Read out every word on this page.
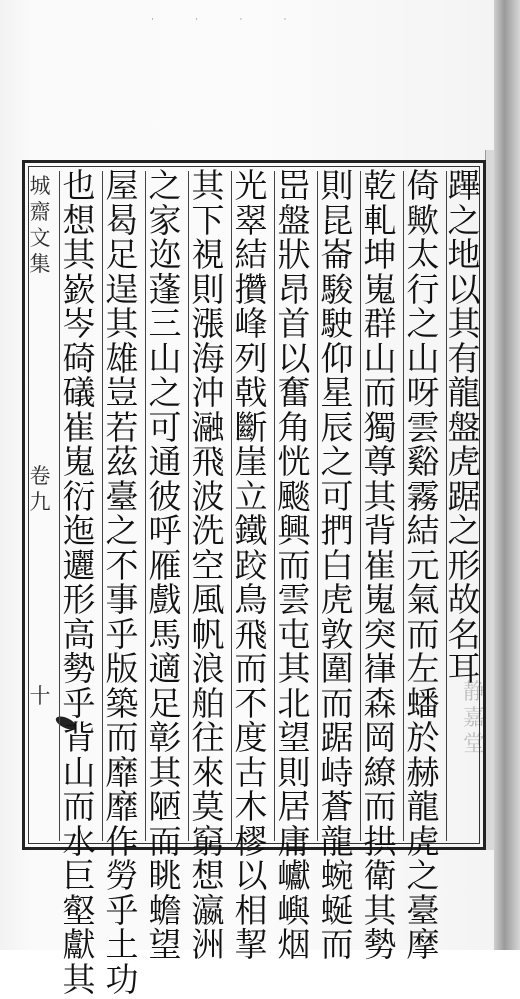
˙ ˙ ˙ ˙
静嘉堂
城齋文集
卷九
十
也想其嶔岑碕礒崔嵬衍迤邐形高勢乎背山而水巨壑獻其
屋曷足逞其雄豈若茲臺之不事乎版築而靡靡作勞乎土功
之家迩蓬三山之可通彼呼雁戲馬適足彰其陋而眺蟾望
其下視則漲海沖瀜飛波洗空風帆浪舶往來莫窮想瀛洲
光翠結攢峰列戟斷崖立鐵跤鳥飛而不度古木樛以相挈
岊盤狀昂首以奮角恍颷興而雲屯其北望則居庸巘嶼烟
則昆崙駿駛仰星辰之可捫白虎敦圍而踞峙蒼龍蜿蜒而
乾軋坤嵬群山而獨尊其背崔嵬突嵂森岡繚而拱衛其勢
倚歟太行之山呀雲谿霧結元氣而左蟠於赫龍虎之臺摩
蹕之地以其有龍盤虎踞之形故名耳
